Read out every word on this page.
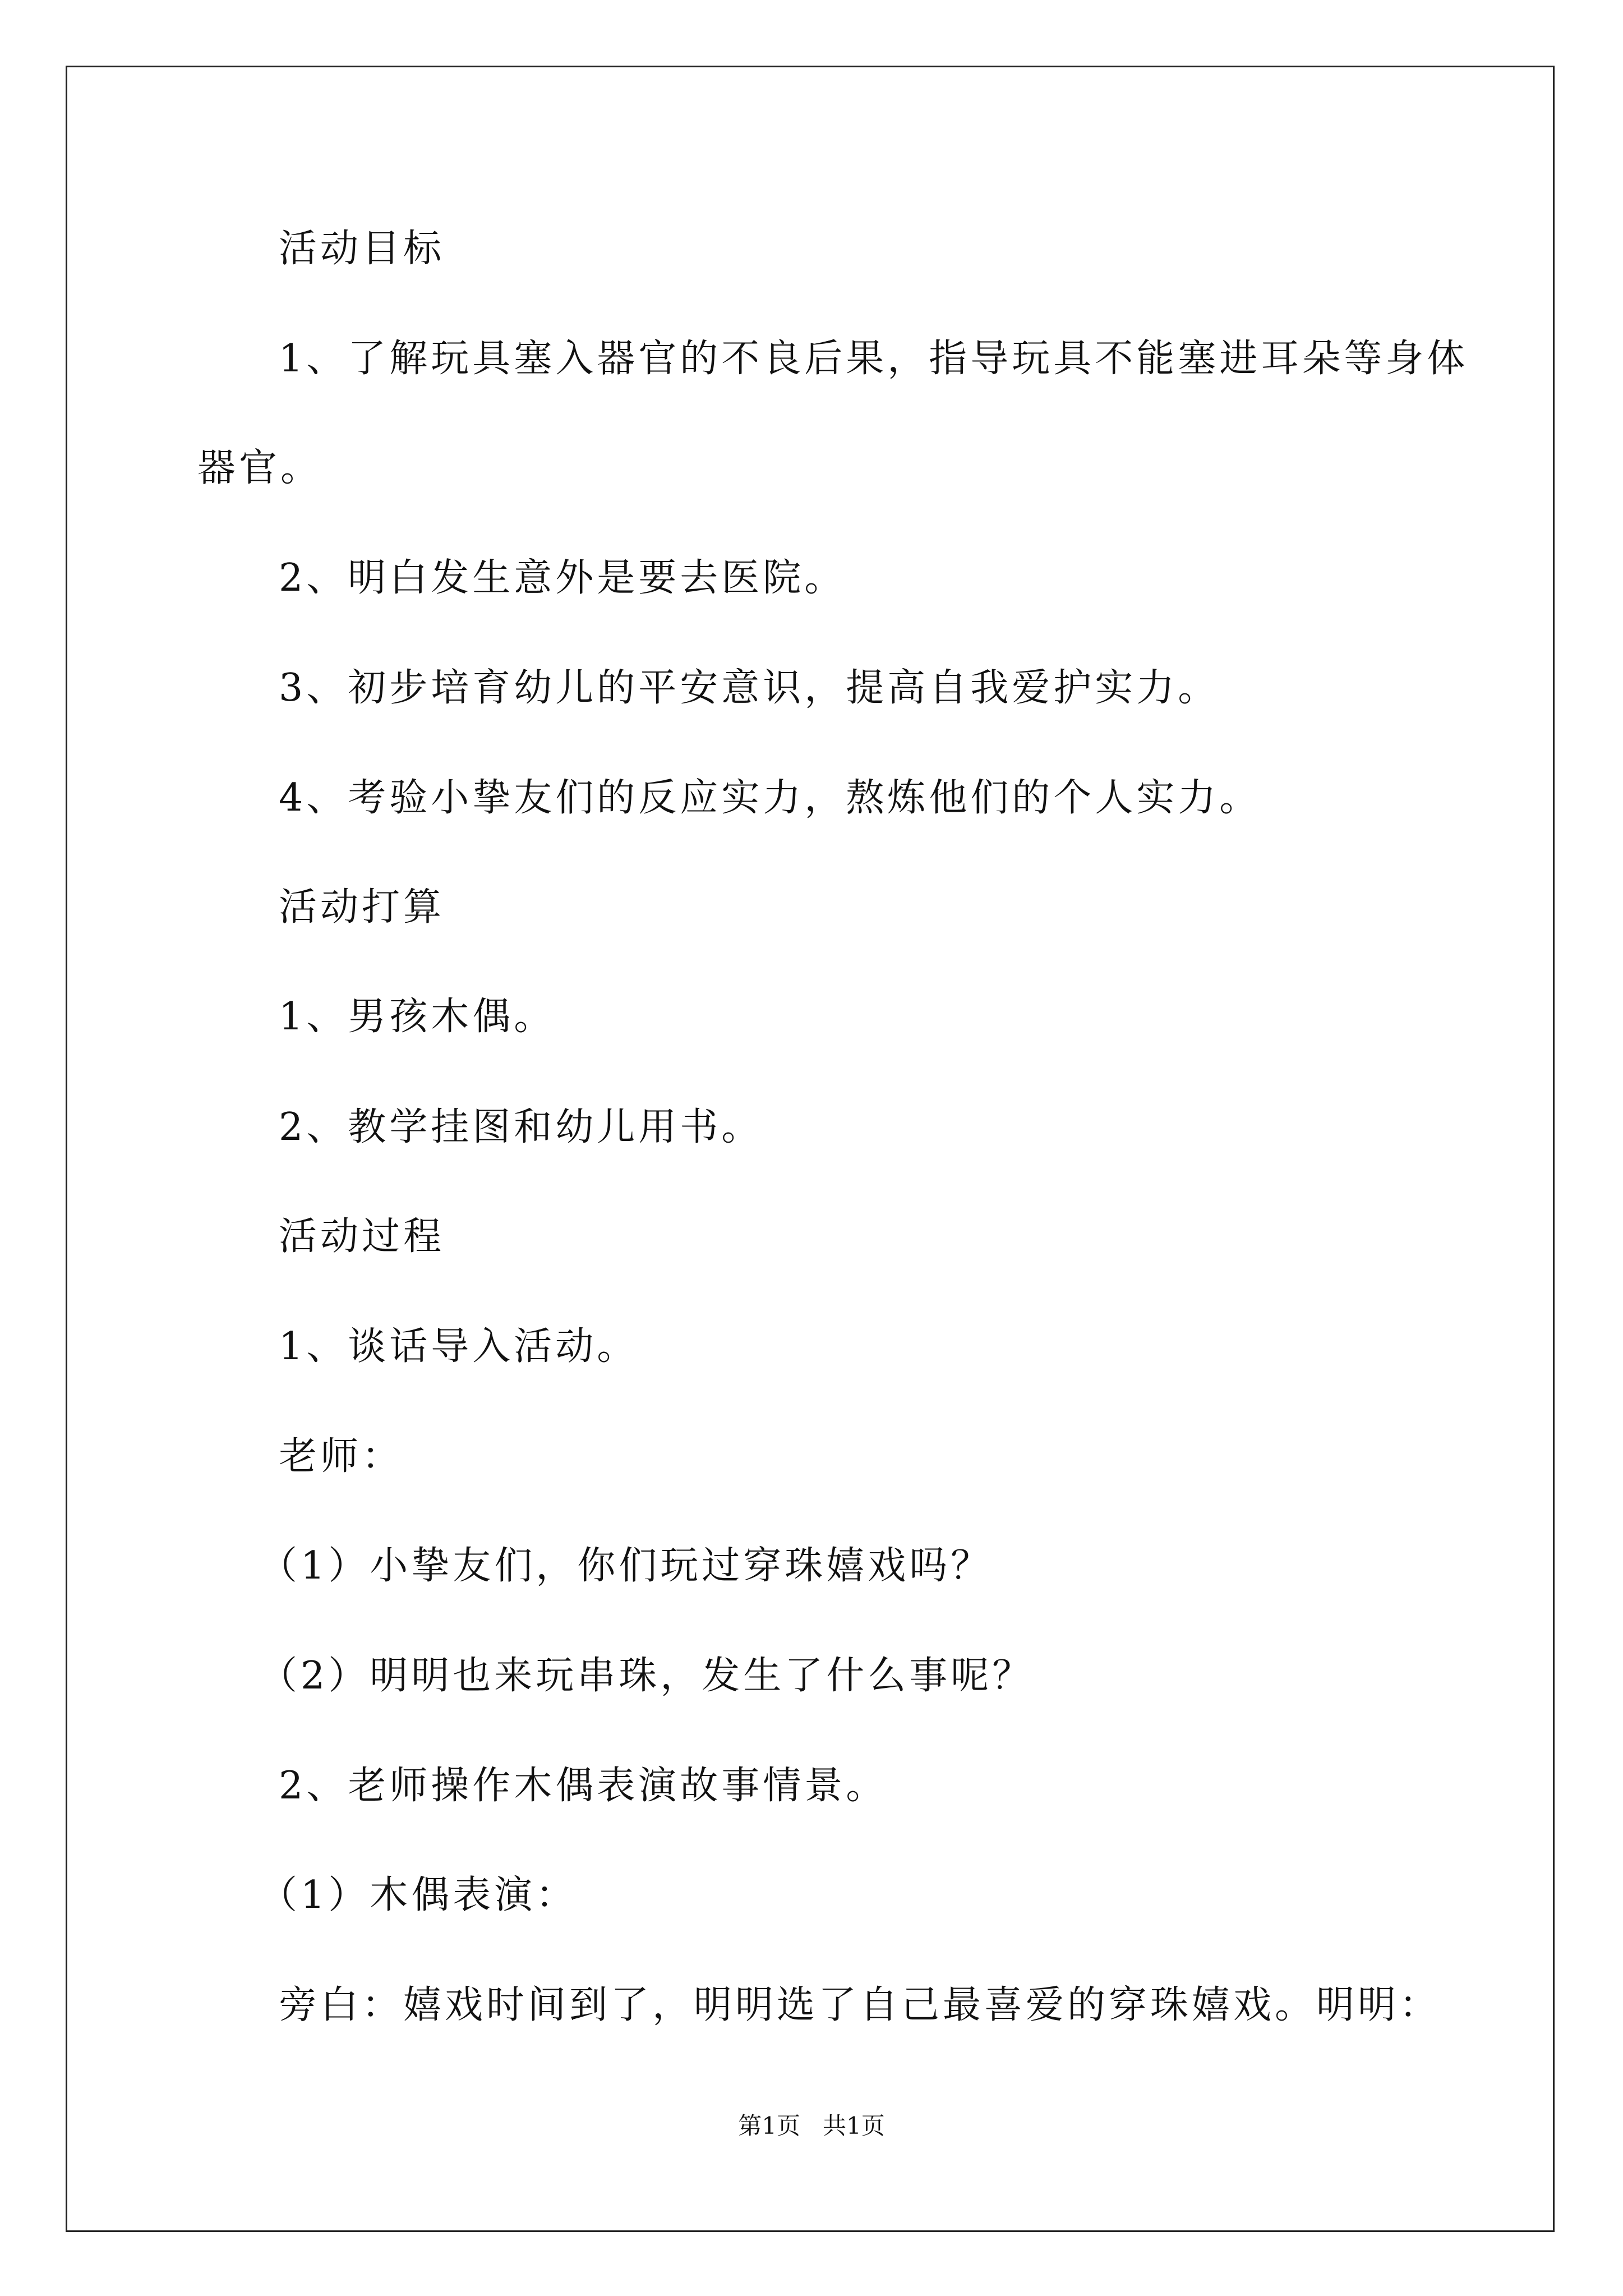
活动目标
1、了解玩具塞入器官的不良后果，指导玩具不能塞进耳朵等身体
器官。
2、明白发生意外是要去医院。
3、初步培育幼儿的平安意识，提高自我爱护实力。
4、考验小挚友们的反应实力，熬炼他们的个人实力。
活动打算
1、男孩木偶。
2、教学挂图和幼儿用书。
活动过程
1、谈话导入活动。
老师：
（1）小挚友们，你们玩过穿珠嬉戏吗？
（2）明明也来玩串珠，发生了什么事呢？
2、老师操作木偶表演故事情景。
（1）木偶表演：
旁白：嬉戏时间到了，明明选了自己最喜爱的穿珠嬉戏。明明：
第1页   共1页
